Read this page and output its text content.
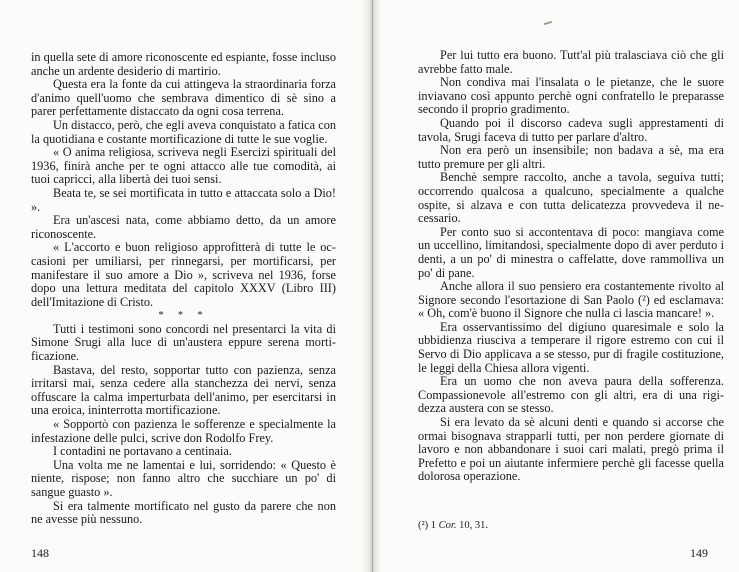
in quella sete di amore riconoscente ed espiante, fosse incluso anche un ardente desiderio di martirio.

Questa era la fonte da cui attingeva la straordinaria forza d'animo quell'uomo che sembrava dimentico di sè sino a parer perfettamente distaccato da ogni cosa terrena.

Un distacco, però, che egli aveva conquistato a fatica con la quotidiana e costante mortificazione di tutte le sue voglie.

« O anima religiosa, scriveva negli Esercizi spirituali del 1936, finirà anche per te ogni attacco alle tue comodità, ai tuoi capricci, alla libertà dei tuoi sensi.

Beata te, se sei mortificata in tutto e attaccata solo a Dio! ».

Era un'ascesi nata, come abbiamo detto, da un amore riconoscente.

« L'accorto e buon religioso approfitterà di tutte le occasioni per umiliarsi, per rinnegarsi, per mortificarsi, per manifestare il suo amore a Dio », scriveva nel 1936, forse dopo una lettura meditata del capitolo XXXV (Libro III) dell'Imitazione di Cristo.

* * *

Tutti i testimoni sono concordi nel presentarci la vita di Simone Srugi alla luce di un'austera eppure serena mortificazione.

Bastava, del resto, sopportar tutto con pazienza, senza irritarsi mai, senza cedere alla stanchezza dei nervi, senza offuscare la calma imperturbata dell'animo, per esercitarsi in una eroica, ininterrotta mortificazione.

« Sopportò con pazienza le sofferenze e specialmente la infestazione delle pulci, scrive don Rodolfo Frey.

I contadini ne portavano a centinaia.

Una volta me ne lamentai e lui, sorridendo: « Questo è niente, rispose; non fanno altro che succhiare un po' di sangue guasto ».

Si era talmente mortificato nel gusto da parere che non ne avesse più nessuno.

148

Per lui tutto era buono. Tutt'al più tralasciava ciò che gli avrebbe fatto male.

Non condiva mai l'insalata o le pietanze, che le suore inviavano così appunto perchè ogni confratello le preparasse secondo il proprio gradimento.

Quando poi il discorso cadeva sugli apprestamenti di tavola, Srugi faceva di tutto per parlare d'altro.

Non era però un insensibile; non badava a sè, ma era tutto premure per gli altri.

Benchè sempre raccolto, anche a tavola, seguiva tutti; occorrendo qualcosa a qualcuno, specialmente a qualche ospite, si alzava e con tutta delicatezza provvedeva il necessario.

Per conto suo si accontentava di poco: mangiava come un uccellino, limitandosi, specialmente dopo di aver perduto i denti, a un po' di minestra o caffelatte, dove rammolliva un po' di pane.

Anche allora il suo pensiero era costantemente rivolto al Signore secondo l'esortazione di San Paolo (²) ed esclamava: « Oh, com'è buono il Signore che nulla ci lascia mancare! ».

Era osservantissimo del digiuno quaresimale e solo la ubbidienza riusciva a temperare il rigore estremo con cui il Servo di Dio applicava a se stesso, pur di fragile costituzione, le leggi della Chiesa allora vigenti.

Era un uomo che non aveva paura della sofferenza. Compassionevole all'estremo con gli altri, era di una rigidezza austera con se stesso.

Si era levato da sè alcuni denti e quando si accorse che ormai bisognava strapparli tutti, per non perdere giornate di lavoro e non abbandonare i suoi cari malati, pregò prima il Prefetto e poi un aiutante infermiere perchè gli facesse quella dolorosa operazione.

(²) 1 Cor. 10, 31.
149
